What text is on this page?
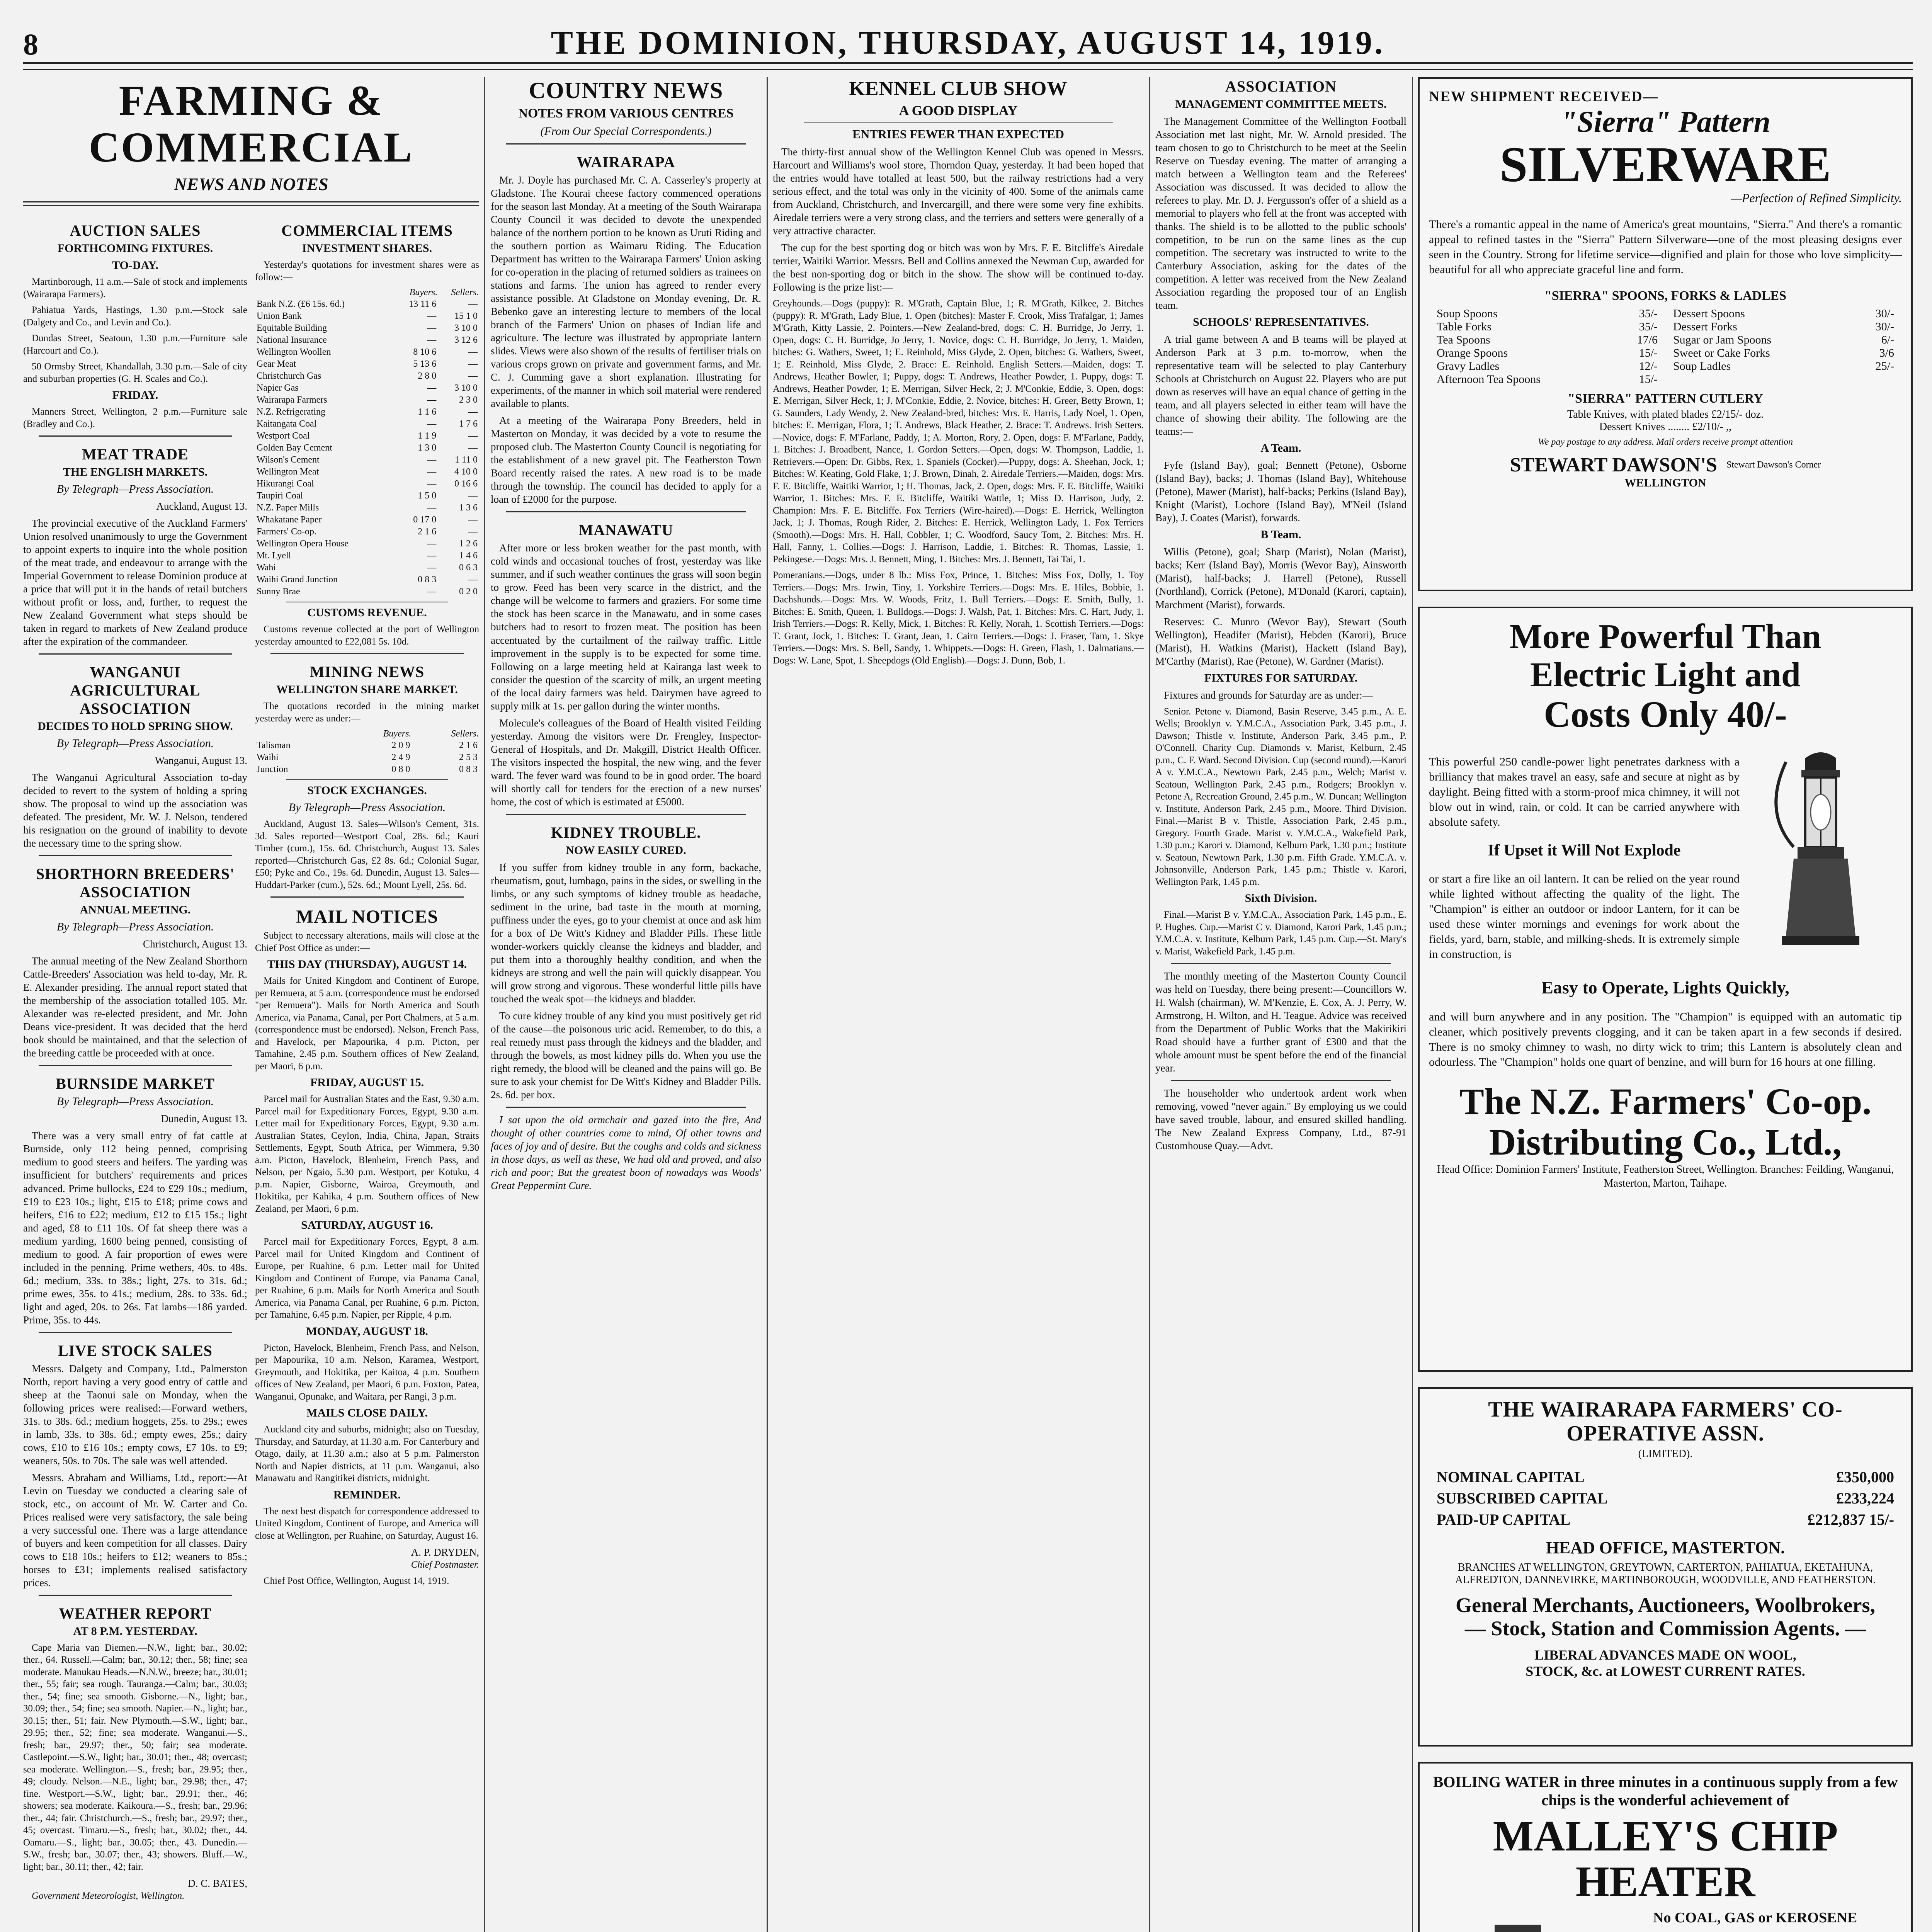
8	THE DOMINION, THURSDAY, AUGUST 14, 1919.
FARMING & COMMERCIAL
NEWS AND NOTES
AUCTION SALES
FORTHCOMING FIXTURES.
TO-DAY.

Martinborough, 11 a.m.—Sale of stock and implements (Wairarapa Farmers).

Pahiatua Yards, Hastings, 1.30 p.m.—Stock sale (Dalgety and Co., and Levin and Co.).

Dundas Street, Seatoun, 1.30 p.m.—Furniture sale (Harcourt and Co.).

50 Ormsby Street, Khandallah, 3.30 p.m.—Sale of city and suburban properties (G. H. Scales and Co.).

FRIDAY.

Manners Street, Wellington, 2 p.m.—Furniture sale (Bradley and Co.).

MEAT TRADE
THE ENGLISH MARKETS.
By Telegraph—Press Association.

Auckland, August 13.

The provincial executive of the Auckland Farmers' Union resolved unanimously to urge the Government to appoint experts to inquire into the whole position of the meat trade, and endeavour to arrange with the Imperial Government to release Dominion produce at a price that will put it in the hands of retail butchers without profit or loss, and, further, to request the New Zealand Government what steps should be taken in regard to markets of New Zealand produce after the expiration of the commandeer.

WANGANUI AGRICULTURAL ASSOCIATION
DECIDES TO HOLD SPRING SHOW.
By Telegraph—Press Association.

Wanganui, August 13.

The Wanganui Agricultural Association to-day decided to revert to the system of holding a spring show. The proposal to wind up the association was defeated. The president, Mr. W. J. Nelson, tendered his resignation on the ground of inability to devote the necessary time to the spring show.

SHORTHORN BREEDERS' ASSOCIATION
ANNUAL MEETING.
By Telegraph—Press Association.

Christchurch, August 13.

The annual meeting of the New Zealand Shorthorn Cattle-Breeders' Association was held to-day, Mr. R. E. Alexander presiding. The annual report stated that the membership of the association totalled 105. Mr. Alexander was re-elected president, and Mr. John Deans vice-president. It was decided that the herd book should be maintained, and that the selection of the breeding cattle be proceeded with at once.

BURNSIDE MARKET
By Telegraph—Press Association.

Dunedin, August 13.

There was a very small entry of fat cattle at Burnside, only 112 being penned, comprising medium to good steers and heifers. The yarding was insufficient for butchers' requirements and prices advanced. Prime bullocks, £24 to £29 10s.; medium, £19 to £23 10s.; light, £15 to £18; prime cows and heifers, £16 to £22; medium, £12 to £15 15s.; light and aged, £8 to £11 10s. Of fat sheep there was a medium yarding, 1600 being penned, consisting of medium to good. A fair proportion of ewes were included in the penning. Prime wethers, 40s. to 48s. 6d.; medium, 33s. to 38s.; light, 27s. to 31s. 6d.; prime ewes, 35s. to 41s.; medium, 28s. to 33s. 6d.; light and aged, 20s. to 26s. Fat lambs—186 yarded. Prime, 35s. to 44s.

LIVE STOCK SALES

Messrs. Dalgety and Company, Ltd., Palmerston North, report having a very good entry of cattle and sheep at the Taonui sale on Monday, when the following prices were realised:—Forward wethers, 31s. to 38s. 6d.; medium hoggets, 25s. to 29s.; ewes in lamb, 33s. to 38s. 6d.; empty ewes, 25s.; dairy cows, £10 to £16 10s.; empty cows, £7 10s. to £9; weaners, 50s. to 70s. The sale was well attended.

Messrs. Abraham and Williams, Ltd., report:—At Levin on Tuesday we conducted a clearing sale of stock, etc., on account of Mr. W. Carter and Co. Prices realised were very satisfactory, the sale being a very successful one. There was a large attendance of buyers and keen competition for all classes. Dairy cows to £18 10s.; heifers to £12; weaners to 85s.; horses to £31; implements realised satisfactory prices.

WEATHER REPORT
AT 8 P.M. YESTERDAY.

Cape Maria van Diemen.—N.W., light; bar., 30.02; ther., 64. Russell.—Calm; bar., 30.12; ther., 58; fine; sea moderate. Manukau Heads.—N.N.W., breeze; bar., 30.01; ther., 55; fair; sea rough. Tauranga.—Calm; bar., 30.03; ther., 54; fine; sea smooth. Gisborne.—N., light; bar., 30.09; ther., 54; fine; sea smooth. Napier.—N., light; bar., 30.15; ther., 51; fair. New Plymouth.—S.W., light; bar., 29.95; ther., 52; fine; sea moderate. Wanganui.—S., fresh; bar., 29.97; ther., 50; fair; sea moderate. Castlepoint.—S.W., light; bar., 30.01; ther., 48; overcast; sea moderate. Wellington.—S., fresh; bar., 29.95; ther., 49; cloudy. Nelson.—N.E., light; bar., 29.98; ther., 47; fine. Westport.—S.W., light; bar., 29.91; ther., 46; showers; sea moderate. Kaikoura.—S., fresh; bar., 29.96; ther., 44; fair. Christchurch.—S., fresh; bar., 29.97; ther., 45; overcast. Timaru.—S., fresh; bar., 30.02; ther., 44. Oamaru.—S., light; bar., 30.05; ther., 43. Dunedin.—S.W., fresh; bar., 30.07; ther., 43; showers. Bluff.—W., light; bar., 30.11; ther., 42; fair.

D. C. BATES,

Government Meteorologist, Wellington.

COMMERCIAL ITEMS
INVESTMENT SHARES.

Yesterday's quotations for investment shares were as follow:—

	Buyers.	Sellers.
Bank N.Z. (£6 15s. 6d.)	13 11 6	—
Union Bank	—	15 1 0
Equitable Building	—	3 10 0
National Insurance	—	3 12 6
Wellington Woollen	8 10 6	—
Gear Meat	5 13 6	—
Christchurch Gas	2 8 0	—
Napier Gas	—	3 10 0
Wairarapa Farmers	—	2 3 0
N.Z. Refrigerating	1 1 6	—
Kaitangata Coal	—	1 7 6
Westport Coal	1 1 9	—
Golden Bay Cement	1 3 0	—
Wilson's Cement	—	1 11 0
Wellington Meat	—	4 10 0
Hikurangi Coal	—	0 16 6
Taupiri Coal	1 5 0	—
N.Z. Paper Mills	—	1 3 6
Whakatane Paper	0 17 0	—
Farmers' Co-op.	2 1 6	—
Wellington Opera House	—	1 2 6
Mt. Lyell	—	1 4 6
Wahi	—	0 6 3
Waihi Grand Junction	0 8 3	—
Sunny Brae	—	0 2 0
CUSTOMS REVENUE.

Customs revenue collected at the port of Wellington yesterday amounted to £22,081 5s. 10d.

MINING NEWS
WELLINGTON SHARE MARKET.

The quotations recorded in the mining market yesterday were as under:—

	Buyers.	Sellers.
Talisman	2 0 9	2 1 6
Waihi	2 4 9	2 5 3
Junction	0 8 0	0 8 3
STOCK EXCHANGES.
By Telegraph—Press Association.

Auckland, August 13. Sales—Wilson's Cement, 31s. 3d. Sales reported—Westport Coal, 28s. 6d.; Kauri Timber (cum.), 15s. 6d. Christchurch, August 13. Sales reported—Christchurch Gas, £2 8s. 6d.; Colonial Sugar, £50; Pyke and Co., 19s. 6d. Dunedin, August 13. Sales—Huddart-Parker (cum.), 52s. 6d.; Mount Lyell, 25s. 6d.

MAIL NOTICES

Subject to necessary alterations, mails will close at the Chief Post Office as under:—

THIS DAY (THURSDAY), AUGUST 14.

Mails for United Kingdom and Continent of Europe, per Remuera, at 5 a.m. (correspondence must be endorsed "per Remuera"). Mails for North America and South America, via Panama, Canal, per Port Chalmers, at 5 a.m. (correspondence must be endorsed). Nelson, French Pass, and Havelock, per Mapourika, 4 p.m. Picton, per Tamahine, 2.45 p.m. Southern offices of New Zealand, per Maori, 6 p.m.

FRIDAY, AUGUST 15.

Parcel mail for Australian States and the East, 9.30 a.m. Parcel mail for Expeditionary Forces, Egypt, 9.30 a.m. Letter mail for Expeditionary Forces, Egypt, 9.30 a.m. Australian States, Ceylon, India, China, Japan, Straits Settlements, Egypt, South Africa, per Wimmera, 9.30 a.m. Picton, Havelock, Blenheim, French Pass, and Nelson, per Ngaio, 5.30 p.m. Westport, per Kotuku, 4 p.m. Napier, Gisborne, Wairoa, Greymouth, and Hokitika, per Kahika, 4 p.m. Southern offices of New Zealand, per Maori, 6 p.m.

SATURDAY, AUGUST 16.

Parcel mail for Expeditionary Forces, Egypt, 8 a.m. Parcel mail for United Kingdom and Continent of Europe, per Ruahine, 6 p.m. Letter mail for United Kingdom and Continent of Europe, via Panama Canal, per Ruahine, 6 p.m. Mails for North America and South America, via Panama Canal, per Ruahine, 6 p.m. Picton, per Tamahine, 6.45 p.m. Napier, per Ripple, 4 p.m.

MONDAY, AUGUST 18.

Picton, Havelock, Blenheim, French Pass, and Nelson, per Mapourika, 10 a.m. Nelson, Karamea, Westport, Greymouth, and Hokitika, per Kaitoa, 4 p.m. Southern offices of New Zealand, per Maori, 6 p.m. Foxton, Patea, Wanganui, Opunake, and Waitara, per Rangi, 3 p.m.

MAILS CLOSE DAILY.

Auckland city and suburbs, midnight; also on Tuesday, Thursday, and Saturday, at 11.30 a.m. For Canterbury and Otago, daily, at 11.30 a.m.; also at 5 p.m. Palmerston North and Napier districts, at 11 p.m. Wanganui, also Manawatu and Rangitikei districts, midnight.

REMINDER.

The next best dispatch for correspondence addressed to United Kingdom, Continent of Europe, and America will close at Wellington, per Ruahine, on Saturday, August 16.

A. P. DRYDEN,

Chief Postmaster.

Chief Post Office, Wellington, August 14, 1919.

COUNTRY NEWS
NOTES FROM VARIOUS CENTRES
(From Our Special Correspondents.)
WAIRARAPA

Mr. J. Doyle has purchased Mr. C. A. Casserley's property at Gladstone. The Kourai cheese factory commenced operations for the season last Monday. At a meeting of the South Wairarapa County Council it was decided to devote the unexpended balance of the northern portion to be known as Uruti Riding and the southern portion as Waimaru Riding. The Education Department has written to the Wairarapa Farmers' Union asking for co-operation in the placing of returned soldiers as trainees on stations and farms. The union has agreed to render every assistance possible. At Gladstone on Monday evening, Dr. R. Bebenko gave an interesting lecture to members of the local branch of the Farmers' Union on phases of Indian life and agriculture. The lecture was illustrated by appropriate lantern slides. Views were also shown of the results of fertiliser trials on various crops grown on private and government farms, and Mr. C. J. Cumming gave a short explanation. Illustrating for experiments, of the manner in which soil material were rendered available to plants.

At a meeting of the Wairarapa Pony Breeders, held in Masterton on Monday, it was decided by a vote to resume the proposed club. The Masterton County Council is negotiating for the establishment of a new gravel pit. The Featherston Town Board recently raised the rates. A new road is to be made through the township. The council has decided to apply for a loan of £2000 for the purpose.

MANAWATU

After more or less broken weather for the past month, with cold winds and occasional touches of frost, yesterday was like summer, and if such weather continues the grass will soon begin to grow. Feed has been very scarce in the district, and the change will be welcome to farmers and graziers. For some time the stock has been scarce in the Manawatu, and in some cases butchers had to resort to frozen meat. The position has been accentuated by the curtailment of the railway traffic. Little improvement in the supply is to be expected for some time. Following on a large meeting held at Kairanga last week to consider the question of the scarcity of milk, an urgent meeting of the local dairy farmers was held. Dairymen have agreed to supply milk at 1s. per gallon during the winter months.

Molecule's colleagues of the Board of Health visited Feilding yesterday. Among the visitors were Dr. Frengley, Inspector-General of Hospitals, and Dr. Makgill, District Health Officer. The visitors inspected the hospital, the new wing, and the fever ward. The fever ward was found to be in good order. The board will shortly call for tenders for the erection of a new nurses' home, the cost of which is estimated at £5000.

KIDNEY TROUBLE.
NOW EASILY CURED.

If you suffer from kidney trouble in any form, backache, rheumatism, gout, lumbago, pains in the sides, or swelling in the limbs, or any such symptoms of kidney trouble as headache, sediment in the urine, bad taste in the mouth at morning, puffiness under the eyes, go to your chemist at once and ask him for a box of De Witt's Kidney and Bladder Pills. These little wonder-workers quickly cleanse the kidneys and bladder, and put them into a thoroughly healthy condition, and when the kidneys are strong and well the pain will quickly disappear. You will grow strong and vigorous. These wonderful little pills have touched the weak spot—the kidneys and bladder.

To cure kidney trouble of any kind you must positively get rid of the cause—the poisonous uric acid. Remember, to do this, a real remedy must pass through the kidneys and the bladder, and through the bowels, as most kidney pills do. When you use the right remedy, the blood will be cleaned and the pains will go. Be sure to ask your chemist for De Witt's Kidney and Bladder Pills. 2s. 6d. per box.

I sat upon the old armchair and gazed into the fire, And thought of other countries come to mind, Of other towns and faces of joy and of desire. But the coughs and colds and sickness in those days, as well as these, We had old and proved, and also rich and poor; But the greatest boon of nowadays was Woods' Great Peppermint Cure.

KENNEL CLUB SHOW
A GOOD DISPLAY
ENTRIES FEWER THAN EXPECTED

The thirty-first annual show of the Wellington Kennel Club was opened in Messrs. Harcourt and Williams's wool store, Thorndon Quay, yesterday. It had been hoped that the entries would have totalled at least 500, but the railway restrictions had a very serious effect, and the total was only in the vicinity of 400. Some of the animals came from Auckland, Christchurch, and Invercargill, and there were some very fine exhibits. Airedale terriers were a very strong class, and the terriers and setters were generally of a very attractive character.

The cup for the best sporting dog or bitch was won by Mrs. F. E. Bitcliffe's Airedale terrier, Waitiki Warrior. Messrs. Bell and Collins annexed the Newman Cup, awarded for the best non-sporting dog or bitch in the show. The show will be continued to-day. Following is the prize list:—

Greyhounds.—Dogs (puppy): R. M'Grath, Captain Blue, 1; R. M'Grath, Kilkee, 2. Bitches (puppy): R. M'Grath, Lady Blue, 1. Open (bitches): Master F. Crook, Miss Trafalgar, 1; James M'Grath, Kitty Lassie, 2. Pointers.—New Zealand-bred, dogs: C. H. Burridge, Jo Jerry, 1. Open, dogs: C. H. Burridge, Jo Jerry, 1. Novice, dogs: C. H. Burridge, Jo Jerry, 1. Maiden, bitches: G. Wathers, Sweet, 1; E. Reinhold, Miss Glyde, 2. Open, bitches: G. Wathers, Sweet, 1; E. Reinhold, Miss Glyde, 2. Brace: E. Reinhold. English Setters.—Maiden, dogs: T. Andrews, Heather Bowler, 1; Puppy, dogs: T. Andrews, Heather Powder, 1. Puppy, dogs: T. Andrews, Heather Powder, 1; E. Merrigan, Silver Heck, 2; J. M'Conkie, Eddie, 3. Open, dogs: E. Merrigan, Silver Heck, 1; J. M'Conkie, Eddie, 2. Novice, bitches: H. Greer, Betty Brown, 1; G. Saunders, Lady Wendy, 2. New Zealand-bred, bitches: Mrs. E. Harris, Lady Noel, 1. Open, bitches: E. Merrigan, Flora, 1; T. Andrews, Black Heather, 2. Brace: T. Andrews. Irish Setters.—Novice, dogs: F. M'Farlane, Paddy, 1; A. Morton, Rory, 2. Open, dogs: F. M'Farlane, Paddy, 1. Bitches: J. Broadbent, Nance, 1. Gordon Setters.—Open, dogs: W. Thompson, Laddie, 1. Retrievers.—Open: Dr. Gibbs, Rex, 1. Spaniels (Cocker).—Puppy, dogs: A. Sheehan, Jock, 1; Bitches: W. Keating, Gold Flake, 1; J. Brown, Dinah, 2. Airedale Terriers.—Maiden, dogs: Mrs. F. E. Bitcliffe, Waitiki Warrior, 1; H. Thomas, Jack, 2. Open, dogs: Mrs. F. E. Bitcliffe, Waitiki Warrior, 1. Bitches: Mrs. F. E. Bitcliffe, Waitiki Wattle, 1; Miss D. Harrison, Judy, 2. Champion: Mrs. F. E. Bitcliffe. Fox Terriers (Wire-haired).—Dogs: E. Herrick, Wellington Jack, 1; J. Thomas, Rough Rider, 2. Bitches: E. Herrick, Wellington Lady, 1. Fox Terriers (Smooth).—Dogs: Mrs. H. Hall, Cobbler, 1; C. Woodford, Saucy Tom, 2. Bitches: Mrs. H. Hall, Fanny, 1. Collies.—Dogs: J. Harrison, Laddie, 1. Bitches: R. Thomas, Lassie, 1. Pekingese.—Dogs: Mrs. J. Bennett, Ming, 1. Bitches: Mrs. J. Bennett, Tai Tai, 1.

Pomeranians.—Dogs, under 8 lb.: Miss Fox, Prince, 1. Bitches: Miss Fox, Dolly, 1. Toy Terriers.—Dogs: Mrs. Irwin, Tiny, 1. Yorkshire Terriers.—Dogs: Mrs. E. Hiles, Bobbie, 1. Dachshunds.—Dogs: Mrs. W. Woods, Fritz, 1. Bull Terriers.—Dogs: E. Smith, Bully, 1. Bitches: E. Smith, Queen, 1. Bulldogs.—Dogs: J. Walsh, Pat, 1. Bitches: Mrs. C. Hart, Judy, 1. Irish Terriers.—Dogs: R. Kelly, Mick, 1. Bitches: R. Kelly, Norah, 1. Scottish Terriers.—Dogs: T. Grant, Jock, 1. Bitches: T. Grant, Jean, 1. Cairn Terriers.—Dogs: J. Fraser, Tam, 1. Skye Terriers.—Dogs: Mrs. S. Bell, Sandy, 1. Whippets.—Dogs: H. Green, Flash, 1. Dalmatians.—Dogs: W. Lane, Spot, 1. Sheepdogs (Old English).—Dogs: J. Dunn, Bob, 1.

ASSOCIATION
MANAGEMENT COMMITTEE MEETS.

The Management Committee of the Wellington Football Association met last night, Mr. W. Arnold presided. The team chosen to go to Christchurch to be meet at the Seelin Reserve on Tuesday evening. The matter of arranging a match between a Wellington team and the Referees' Association was discussed. It was decided to allow the referees to play. Mr. D. J. Fergusson's offer of a shield as a memorial to players who fell at the front was accepted with thanks. The shield is to be allotted to the public schools' competition, to be run on the same lines as the cup competition. The secretary was instructed to write to the Canterbury Association, asking for the dates of the competition. A letter was received from the New Zealand Association regarding the proposed tour of an English team.

SCHOOLS' REPRESENTATIVES.

A trial game between A and B teams will be played at Anderson Park at 3 p.m. to-morrow, when the representative team will be selected to play Canterbury Schools at Christchurch on August 22. Players who are put down as reserves will have an equal chance of getting in the team, and all players selected in either team will have the chance of showing their ability. The following are the teams:—

A Team.

Fyfe (Island Bay), goal; Bennett (Petone), Osborne (Island Bay), backs; J. Thomas (Island Bay), Whitehouse (Petone), Mawer (Marist), half-backs; Perkins (Island Bay), Knight (Marist), Lochore (Island Bay), M'Neil (Island Bay), J. Coates (Marist), forwards.

B Team.

Willis (Petone), goal; Sharp (Marist), Nolan (Marist), backs; Kerr (Island Bay), Morris (Wevor Bay), Ainsworth (Marist), half-backs; J. Harrell (Petone), Russell (Northland), Corrick (Petone), M'Donald (Karori, captain), Marchment (Marist), forwards.

Reserves: C. Munro (Wevor Bay), Stewart (South Wellington), Headifer (Marist), Hebden (Karori), Bruce (Marist), H. Watkins (Marist), Hackett (Island Bay), M'Carthy (Marist), Rae (Petone), W. Gardner (Marist).

FIXTURES FOR SATURDAY.

Fixtures and grounds for Saturday are as under:—

Senior. Petone v. Diamond, Basin Reserve, 3.45 p.m., A. E. Wells; Brooklyn v. Y.M.C.A., Association Park, 3.45 p.m., J. Dawson; Thistle v. Institute, Anderson Park, 3.45 p.m., P. O'Connell. Charity Cup. Diamonds v. Marist, Kelburn, 2.45 p.m., C. F. Ward. Second Division. Cup (second round).—Karori A v. Y.M.C.A., Newtown Park, 2.45 p.m., Welch; Marist v. Seatoun, Wellington Park, 2.45 p.m., Rodgers; Brooklyn v. Petone A, Recreation Ground, 2.45 p.m., W. Duncan; Wellington v. Institute, Anderson Park, 2.45 p.m., Moore. Third Division. Final.—Marist B v. Thistle, Association Park, 2.45 p.m., Gregory. Fourth Grade. Marist v. Y.M.C.A., Wakefield Park, 1.30 p.m.; Karori v. Diamond, Kelburn Park, 1.30 p.m.; Institute v. Seatoun, Newtown Park, 1.30 p.m. Fifth Grade. Y.M.C.A. v. Johnsonville, Anderson Park, 1.45 p.m.; Thistle v. Karori, Wellington Park, 1.45 p.m.

Sixth Division.

Final.—Marist B v. Y.M.C.A., Association Park, 1.45 p.m., E. P. Hughes. Cup.—Marist C v. Diamond, Karori Park, 1.45 p.m.; Y.M.C.A. v. Institute, Kelburn Park, 1.45 p.m. Cup.—St. Mary's v. Marist, Wakefield Park, 1.45 p.m.

The monthly meeting of the Masterton County Council was held on Tuesday, there being present:—Councillors W. H. Walsh (chairman), W. M'Kenzie, E. Cox, A. J. Perry, W. Armstrong, H. Wilton, and H. Teague. Advice was received from the Department of Public Works that the Makirikiri Road should have a further grant of £300 and that the whole amount must be spent before the end of the financial year.

The householder who undertook ardent work when removing, vowed "never again." By employing us we could have saved trouble, labour, and ensured skilled handling. The New Zealand Express Company, Ltd., 87-91 Customhouse Quay.—Advt.

NEW SHIPMENT RECEIVED—
"Sierra" Pattern
SILVERWARE
—Perfection of Refined Simplicity.

There's a romantic appeal in the name of America's great mountains, "Sierra." And there's a romantic appeal to refined tastes in the "Sierra" Pattern Silverware—one of the most pleasing designs ever seen in the Country. Strong for lifetime service—dignified and plain for those who love simplicity—beautiful for all who appreciate graceful line and form.

"SIERRA" SPOONS, FORKS & LADLES
Soup Spoons	35/- Dessert Spoons	30/-
Table Forks	35/- Dessert Forks	30/-
Tea Spoons	17/6 Sugar or Jam Spoons	6/-
Orange Spoons	15/- Sweet or Cake Forks	3/6
Gravy Ladles	12/- Soup Ladles	25/-
Afternoon Tea Spoons	15/-
"SIERRA" PATTERN CUTLERY
Table Knives, with plated blades £2/15/- doz.
Dessert Knives ........ £2/10/- ,,
We pay postage to any address. Mail orders receive prompt attention
STEWART DAWSON'S Stewart Dawson's Corner
WELLINGTON
More Powerful Than
Electric Light and
Costs Only 40/-

This powerful 250 candle-power light penetrates darkness with a brilliancy that makes travel an easy, safe and secure at night as by daylight. Being fitted with a storm-proof mica chimney, it will not blow out in wind, rain, or cold. It can be carried anywhere with absolute safety.

If Upset it Will Not Explode

or start a fire like an oil lantern. It can be relied on the year round while lighted without affecting the quality of the light. The "Champion" is either an outdoor or indoor Lantern, for it can be used these winter mornings and evenings for work about the fields, yard, barn, stable, and milking-sheds. It is extremely simple in construction, is

Easy to Operate, Lights Quickly,

and will burn anywhere and in any position. The "Champion" is equipped with an automatic tip cleaner, which positively prevents clogging, and it can be taken apart in a few seconds if desired. There is no smoky chimney to wash, no dirty wick to trim; this Lantern is absolutely clean and odourless. The "Champion" holds one quart of benzine, and will burn for 16 hours at one filling.

The N.Z. Farmers' Co-op.
Distributing Co., Ltd.,
Head Office: Dominion Farmers' Institute, Featherston Street, Wellington. Branches: Feilding, Wanganui, Masterton, Marton, Taihape.
THE WAIRARAPA FARMERS' CO-OPERATIVE ASSN.
(LIMITED).
NOMINAL CAPITAL	£350,000
SUBSCRIBED CAPITAL	£233,224
PAID-UP CAPITAL	£212,837 15/-
HEAD OFFICE, MASTERTON.
BRANCHES AT WELLINGTON, GREYTOWN, CARTERTON, PAHIATUA, EKETAHUNA, ALFREDTON, DANNEVIRKE, MARTINBOROUGH, WOODVILLE, AND FEATHERSTON.
General Merchants, Auctioneers, Woolbrokers,
— Stock, Station and Commission Agents. —
LIBERAL ADVANCES MADE ON WOOL,
STOCK, &c. at LOWEST CURRENT RATES.
BOILING WATER in three minutes in a continuous supply from a few chips is the wonderful achievement of
MALLEY'S CHIP HEATER
No COAL, GAS or KEROSENE
